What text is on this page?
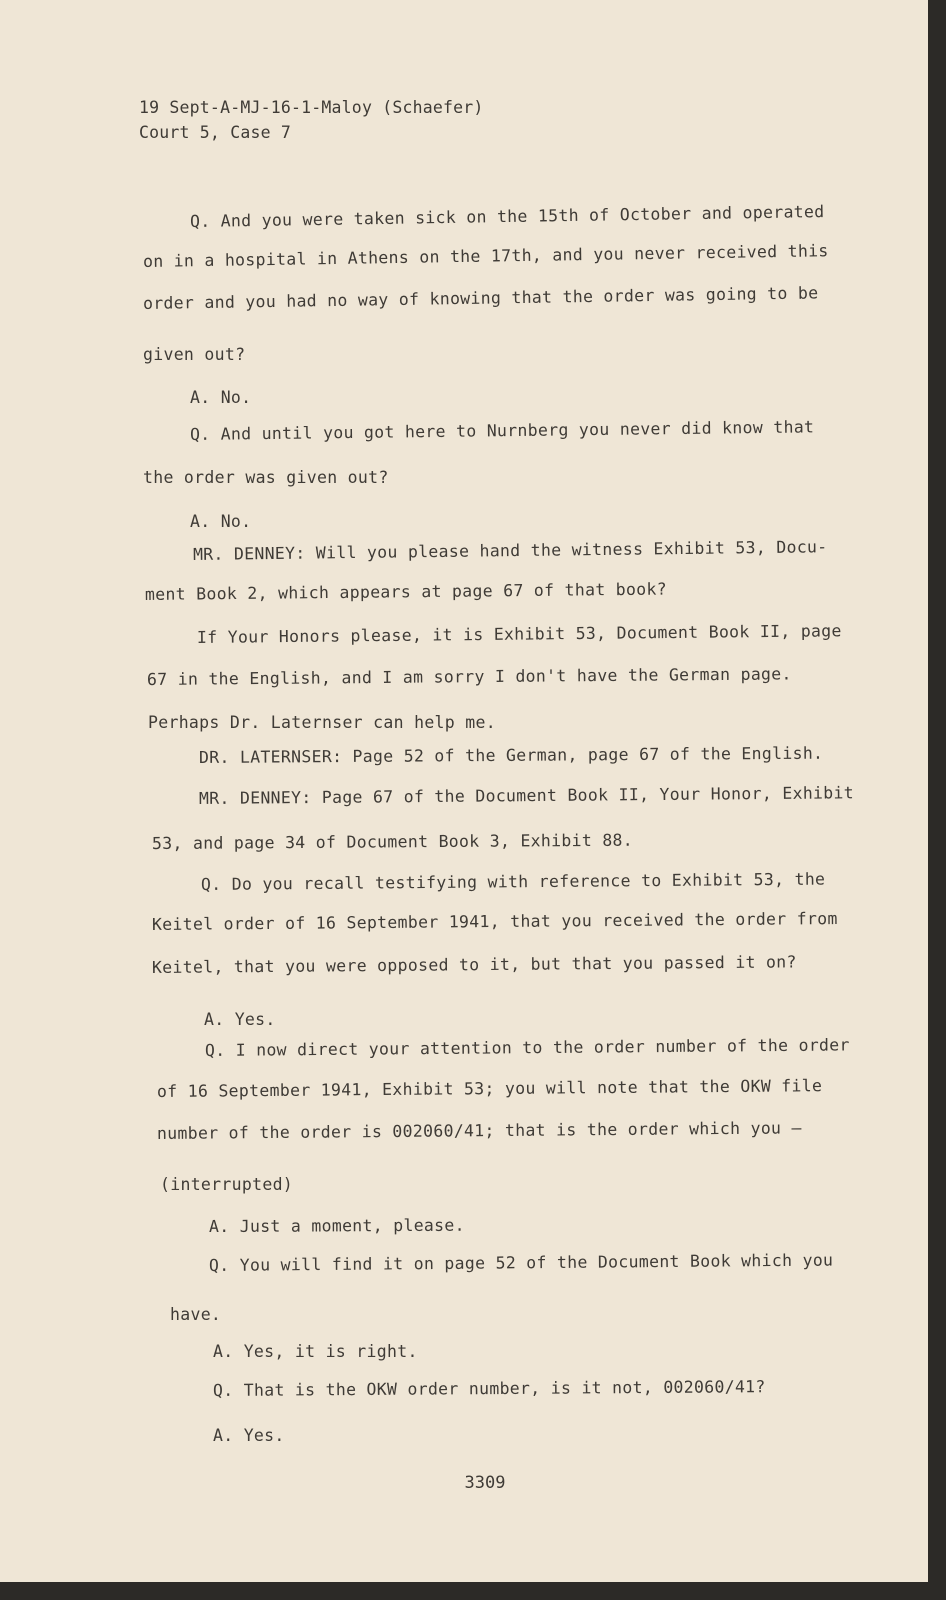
19 Sept-A-MJ-16-1-Maloy (Schaefer)
Court 5, Case 7
Q. And you were taken sick on the 15th of October and operated
on in a hospital in Athens on the 17th, and you never received this
order and you had no way of knowing that the order was going to be
given out?
A. No.
Q. And until you got here to Nurnberg you never did know that
the order was given out?
A. No.
MR. DENNEY: Will you please hand the witness Exhibit 53, Docu-
ment Book 2, which appears at page 67 of that book?
If Your Honors please, it is Exhibit 53, Document Book II, page
67 in the English, and I am sorry I don't have the German page.
Perhaps Dr. Laternser can help me.
DR. LATERNSER: Page 52 of the German, page 67 of the English.
MR. DENNEY: Page 67 of the Document Book II, Your Honor, Exhibit
53, and page 34 of Document Book 3, Exhibit 88.
Q. Do you recall testifying with reference to Exhibit 53, the
Keitel order of 16 September 1941, that you received the order from
Keitel, that you were opposed to it, but that you passed it on?
A. Yes.
Q. I now direct your attention to the order number of the order
of 16 September 1941, Exhibit 53; you will note that the OKW file
number of the order is 002060/41; that is the order which you —
(interrupted)
A. Just a moment, please.
Q. You will find it on page 52 of the Document Book which you
have.
A. Yes, it is right.
Q. That is the OKW order number, is it not, 002060/41?
A. Yes.
3309
